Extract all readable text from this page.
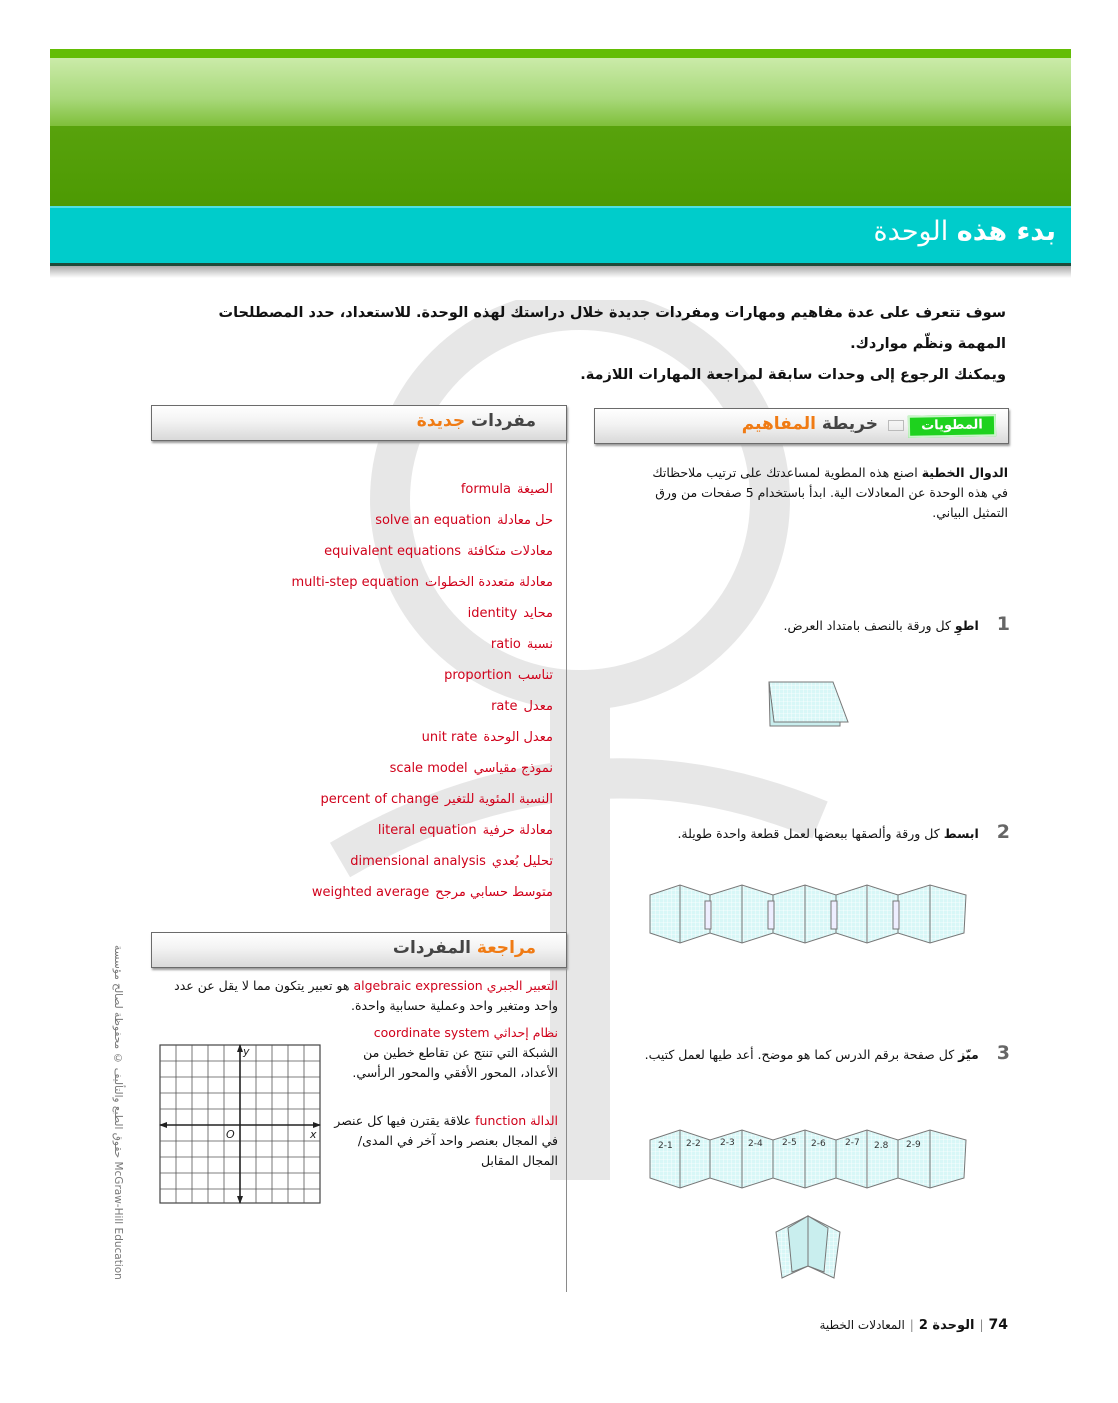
بدء هذه الوحدة
سوف تتعرف على عدة مفاهيم ومهارات ومفردات جديدة خلال دراستك لهذه الوحدة. للاستعداد، حدد المصطلحات المهمة ونظّم مواردك.
ويمكنك الرجوع إلى وحدات سابقة لمراجعة المهارات اللازمة.
المطويات
خريطة المفاهيم
الدوال الخطية اصنع هذه المطوية لمساعدتك على ترتيب ملاحظاتك في هذه الوحدة عن المعادلات الية. ابدأ باستخدام 5 صفحات من ورق التمثيل البياني.
1 اطوِ كل ورقة بالنصف بامتداد العرض.
2 ابسط كل ورقة وألصقها ببعضها لعمل قطعة واحدة طويلة.
3 ميّز كل صفحة برقم الدرس كما هو موضح. أعد طيها لعمل كتيب.
2-1 2-2 2-3 2-4 2-5 2-6 2-7 2.8 2-9
مفردات جديدة
الصيغةformula
حل معادلةsolve an equation
معادلات متكافئةequivalent equations
معادلة متعددة الخطواتmulti-step equation
محايدidentity
نسبةratio
تناسبproportion
معدلrate
معدل الوحدةunit rate
نموذج مقياسيscale model
النسبة المئوية للتغيرpercent of change
معادلة حرفيةliteral equation
تحليل بُعديdimensional analysis
متوسط حسابي مرجحweighted average
مراجعة المفردات
التعبير الجبري algebraic expression هو تعبير يتكون مما لا يقل عن عدد واحد ومتغير واحد وعملية حسابية واحدة.
نظام إحداثي coordinate system
الشبكة التي تنتج عن تقاطع خطين من الأعداد، المحور الأفقي والمحور الرأسي.
الدالة function علاقة يقترن فيها كل عنصر في المجال بعنصر واحد آخر في المدى/المجال المقابل
y
x
O
حقوق الطبع والتأليف © محفوظة لصالح مؤسسة McGraw-Hill Education
74|الوحدة 2|المعادلات الخطية
